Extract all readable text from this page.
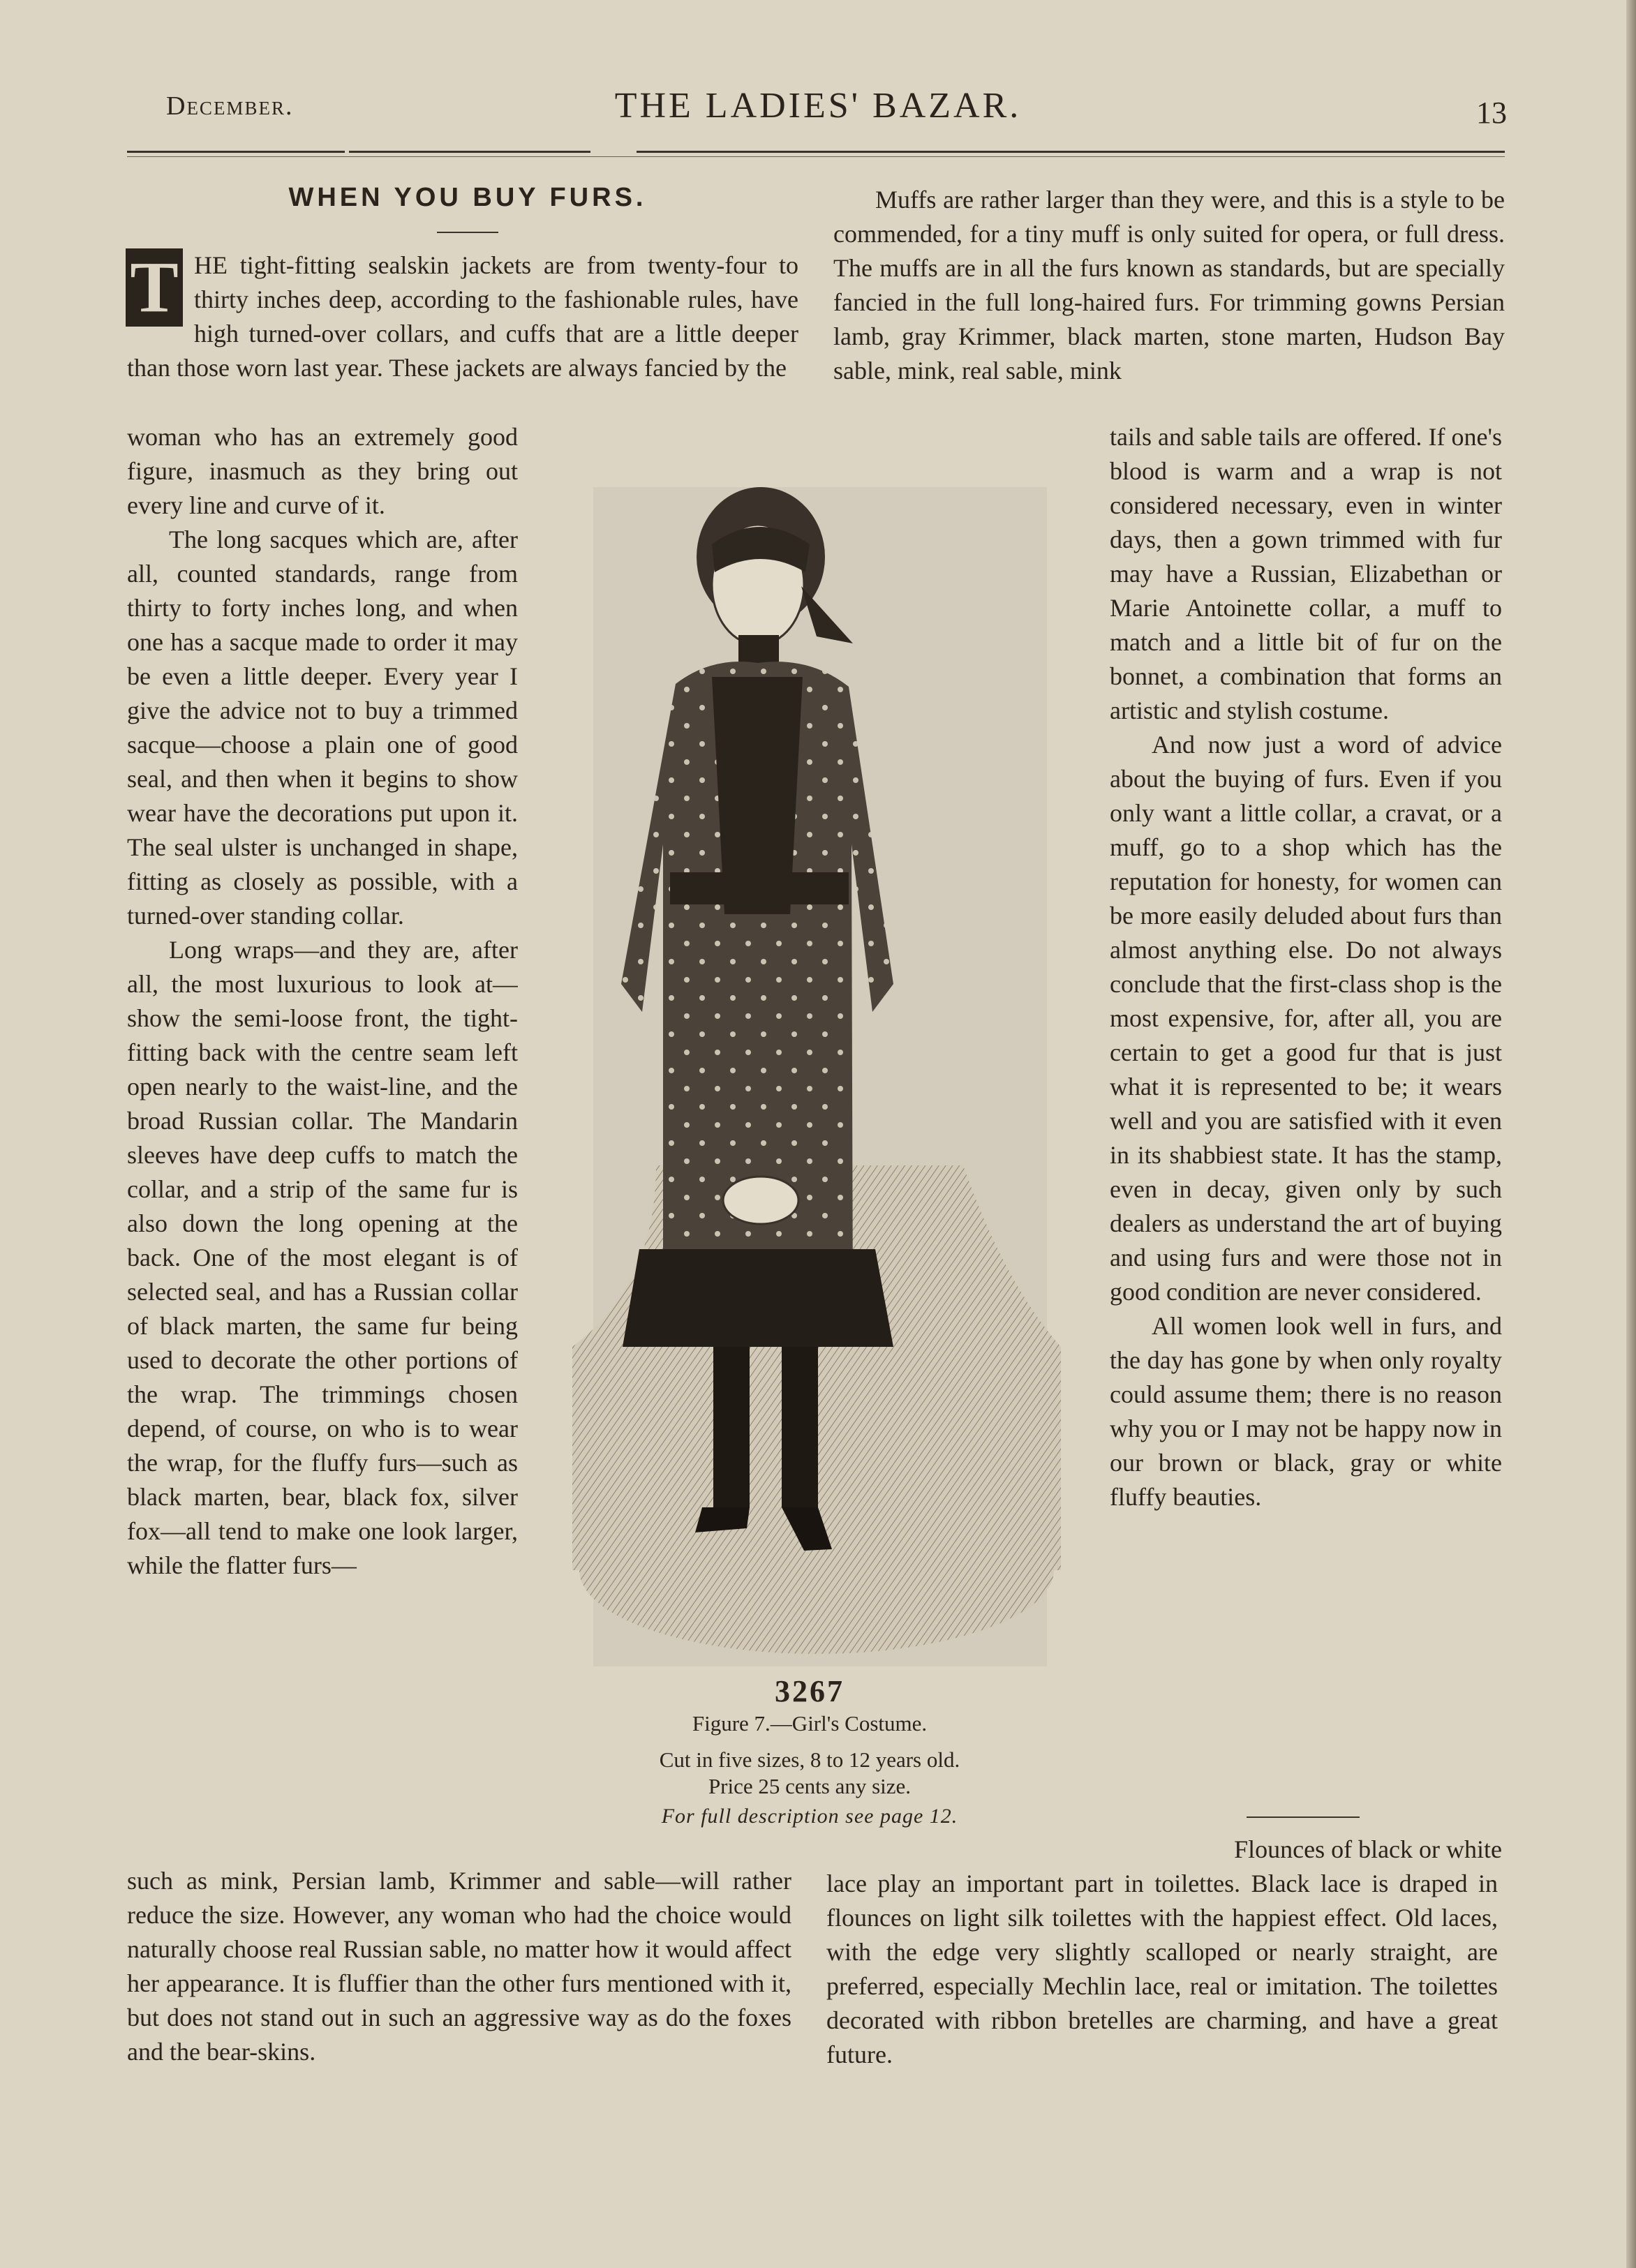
December.	THE LADIES' BAZAR.	13
WHEN YOU BUY FURS.
T HE tight-fitting sealskin jackets are from twenty-four to thirty inches deep, according to the fashionable rules, have high turned-over collars, and cuffs that are a little deeper than those worn last year. These jackets are always fancied by the

woman who has an extremely good figure, inasmuch as they bring out every line and curve of it.

The long sacques which are, after all, counted standards, range from thirty to forty inches long, and when one has a sacque made to order it may be even a little deeper. Every year I give the advice not to buy a trimmed sacque—choose a plain one of good seal, and then when it begins to show wear have the decorations put upon it. The seal ulster is unchanged in shape, fitting as closely as possible, with a turned-over standing collar.

Long wraps—and they are, after all, the most luxurious to look at—show the semi-loose front, the tight-fitting back with the centre seam left open nearly to the waist-line, and the broad Russian collar. The Mandarin sleeves have deep cuffs to match the collar, and a strip of the same fur is also down the long opening at the back. One of the most elegant is of selected seal, and has a Russian collar of black marten, the same fur being used to decorate the other portions of the wrap. The trimmings chosen depend, of course, on who is to wear the wrap, for the fluffy furs—such as black marten, bear, black fox, silver fox—all tend to make one look larger, while the flatter furs—

such as mink, Persian lamb, Krimmer and sable—will rather reduce the size. However, any woman who had the choice would naturally choose real Russian sable, no matter how it would affect her appearance. It is fluffier than the other furs mentioned with it, but does not stand out in such an aggressive way as do the foxes and the bear-skins.

Muffs are rather larger than they were, and this is a style to be commended, for a tiny muff is only suited for opera, or full dress. The muffs are in all the furs known as standards, but are specially fancied in the full long-haired furs. For trimming gowns Persian lamb, gray Krimmer, black marten, stone marten, Hudson Bay sable, mink, real sable, mink

tails and sable tails are offered. If one's blood is warm and a wrap is not considered necessary, even in winter days, then a gown trimmed with fur may have a Russian, Elizabethan or Marie Antoinette collar, a muff to match and a little bit of fur on the bonnet, a combination that forms an artistic and stylish costume.

And now just a word of advice about the buying of furs. Even if you only want a little collar, a cravat, or a muff, go to a shop which has the reputation for honesty, for women can be more easily deluded about furs than almost anything else. Do not always conclude that the first-class shop is the most expensive, for, after all, you are certain to get a good fur that is just what it is represented to be; it wears well and you are satisfied with it even in its shabbiest state. It has the stamp, even in decay, given only by such dealers as understand the art of buying and using furs and were those not in good condition are never considered.

All women look well in furs, and the day has gone by when only royalty could assume them; there is no reason why you or I may not be happy now in our brown or black, gray or white fluffy beauties.

Flounces of black or white

lace play an important part in toilettes. Black lace is draped in flounces on light silk toilettes with the happiest effect. Old laces, with the edge very slightly scalloped or nearly straight, are preferred, especially Mechlin lace, real or imitation. The toilettes decorated with ribbon bretelles are charming, and have a great future.

3267
Figure 7.—Girl's Costume.
Cut in five sizes, 8 to 12 years old.
Price 25 cents any size.
For full description see page 12.
